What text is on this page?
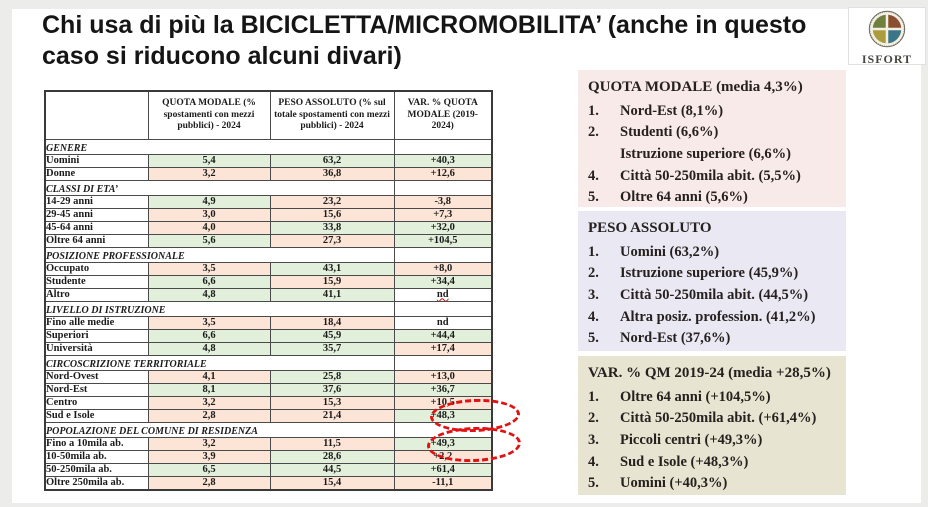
Chi usa di più la BICICLETTA/MICROMOBILITA’ (anche in questo caso si riducono alcuni divari)	ISFORT
	QUOTA MODALE (% spostamenti con mezzi pubblici) - 2024	PESO ASSOLUTO (% sul totale spostamenti con mezzi pubblici) - 2024	VAR. % QUOTA MODALE (2019-2024)
GENERE			
Uomini	5,4	63,2	+40,3
Donne	3,2	36,8	+12,6
CLASSI DI ETA’			
14-29 anni	4,9	23,2	-3,8
29-45 anni	3,0	15,6	+7,3
45-64 anni	4,0	33,8	+32,0
Oltre 64 anni	5,6	27,3	+104,5
POSIZIONE PROFESSIONALE			
Occupato	3,5	43,1	+8,0
Studente	6,6	15,9	+34,4
Altro	4,8	41,1	nd
LIVELLO DI ISTRUZIONE			
Fino alle medie	3,5	18,4	nd
Superiori	6,6	45,9	+44,4
Università	4,8	35,7	+17,4
CIRCOSCRIZIONE TERRITORIALE			
Nord-Ovest	4,1	25,8	+13,0
Nord-Est	8,1	37,6	+36,7
Centro	3,2	15,3	+10,5
Sud e Isole	2,8	21,4	+48,3
POPOLAZIONE DEL COMUNE DI RESIDENZA			
Fino a 10mila ab.	3,2	11,5	+49,3
10-50mila ab.	3,9	28,6	+2,2
50-250mila ab.	6,5	44,5	+61,4
Oltre 250mila ab.	2,8	15,4	-11,1
QUOTA MODALE (media 4,3%)
1.	Nord-Est (8,1%)
2.	Studenti (6,6%)
Istruzione superiore (6,6%)
4.	Città 50-250mila abit. (5,5%)
5.	Oltre 64 anni (5,6%)
PESO ASSOLUTO
1.	Uomini (63,2%)
2.	Istruzione superiore (45,9%)
3.	Città 50-250mila abit. (44,5%)
4.	Altra posiz. profession. (41,2%)
5.	Nord-Est (37,6%)
VAR. % QM 2019-24 (media +28,5%)
1.	Oltre 64 anni (+104,5%)
2.	Città 50-250mila abit. (+61,4%)
3.	Piccoli centri (+49,3%)
4.	Sud e Isole (+48,3%)
5.	Uomini (+40,3%)
